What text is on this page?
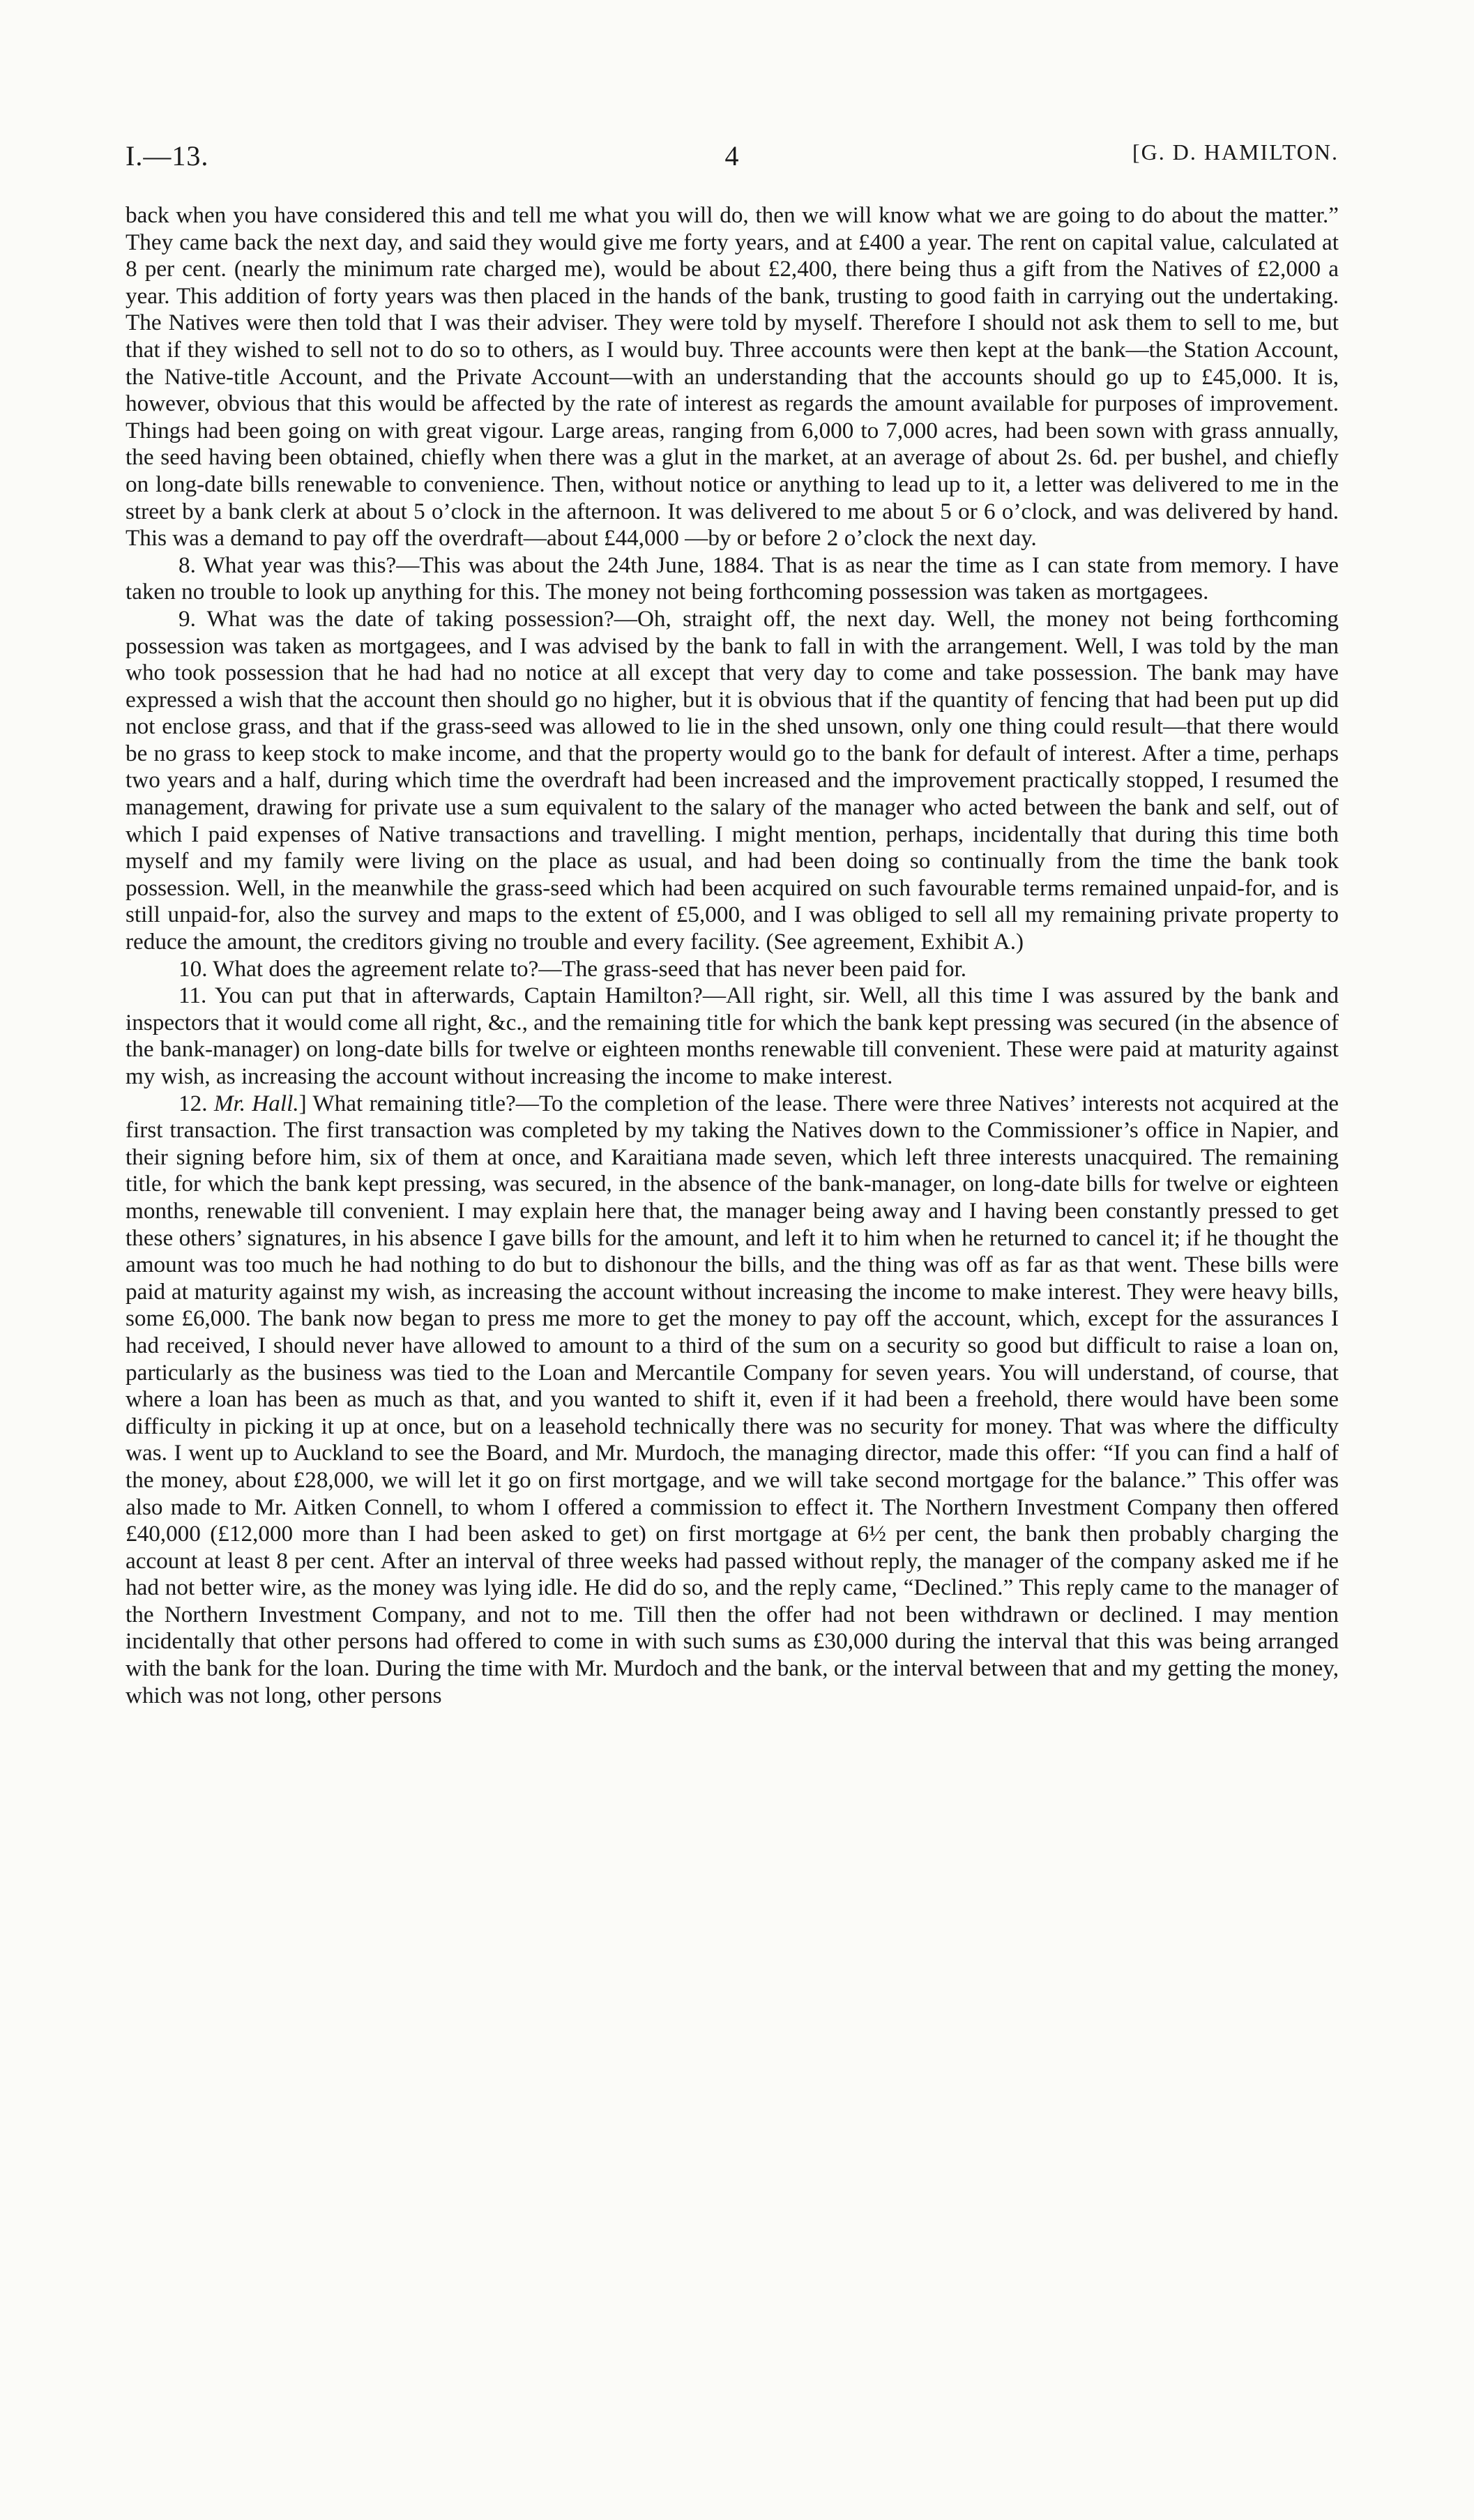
I.—13.	4	[G. D. HAMILTON.

back when you have considered this and tell me what you will do, then we will know what we are going to do about the matter.” They came back the next day, and said they would give me forty years, and at £400 a year. The rent on capital value, calculated at 8 per cent. (nearly the minimum rate charged me), would be about £2,400, there being thus a gift from the Natives of £2,000 a year. This addition of forty years was then placed in the hands of the bank, trusting to good faith in carrying out the undertaking. The Natives were then told that I was their adviser. They were told by myself. Therefore I should not ask them to sell to me, but that if they wished to sell not to do so to others, as I would buy. Three accounts were then kept at the bank—the Station Account, the Native-title Account, and the Private Account—with an understanding that the accounts should go up to £45,000. It is, however, obvious that this would be affected by the rate of interest as regards the amount available for purposes of improvement. Things had been going on with great vigour. Large areas, ranging from 6,000 to 7,000 acres, had been sown with grass annually, the seed having been obtained, chiefly when there was a glut in the market, at an average of about 2s. 6d. per bushel, and chiefly on long-date bills renewable to convenience. Then, without notice or anything to lead up to it, a letter was delivered to me in the street by a bank clerk at about 5 o’clock in the afternoon. It was delivered to me about 5 or 6 o’clock, and was delivered by hand. This was a demand to pay off the overdraft—about £44,000 —by or before 2 o’clock the next day.

8. What year was this?—This was about the 24th June, 1884. That is as near the time as I can state from memory. I have taken no trouble to look up anything for this. The money not being forthcoming possession was taken as mortgagees.

9. What was the date of taking possession?—Oh, straight off, the next day. Well, the money not being forthcoming possession was taken as mortgagees, and I was advised by the bank to fall in with the arrangement. Well, I was told by the man who took possession that he had had no notice at all except that very day to come and take possession. The bank may have expressed a wish that the account then should go no higher, but it is obvious that if the quantity of fencing that had been put up did not enclose grass, and that if the grass-seed was allowed to lie in the shed unsown, only one thing could result—that there would be no grass to keep stock to make income, and that the property would go to the bank for default of interest. After a time, perhaps two years and a half, during which time the overdraft had been increased and the improvement practically stopped, I resumed the management, drawing for private use a sum equivalent to the salary of the manager who acted between the bank and self, out of which I paid expenses of Native transactions and travelling. I might mention, perhaps, incidentally that during this time both myself and my family were living on the place as usual, and had been doing so continually from the time the bank took possession. Well, in the meanwhile the grass-seed which had been acquired on such favourable terms remained unpaid-for, and is still unpaid-for, also the survey and maps to the extent of £5,000, and I was obliged to sell all my remaining private property to reduce the amount, the creditors giving no trouble and every facility. (See agreement, Exhibit A.)

10. What does the agreement relate to?—The grass-seed that has never been paid for.

11. You can put that in afterwards, Captain Hamilton?—All right, sir. Well, all this time I was assured by the bank and inspectors that it would come all right, &c., and the remaining title for which the bank kept pressing was secured (in the absence of the bank-manager) on long-date bills for twelve or eighteen months renewable till convenient. These were paid at maturity against my wish, as increasing the account without increasing the income to make interest.

12. Mr. Hall.] What remaining title?—To the completion of the lease. There were three Natives’ interests not acquired at the first transaction. The first transaction was completed by my taking the Natives down to the Commissioner’s office in Napier, and their signing before him, six of them at once, and Karaitiana made seven, which left three interests unacquired. The remaining title, for which the bank kept pressing, was secured, in the absence of the bank-manager, on long-date bills for twelve or eighteen months, renewable till convenient. I may explain here that, the manager being away and I having been constantly pressed to get these others’ signatures, in his absence I gave bills for the amount, and left it to him when he returned to cancel it; if he thought the amount was too much he had nothing to do but to dishonour the bills, and the thing was off as far as that went. These bills were paid at maturity against my wish, as increasing the account without increasing the income to make interest. They were heavy bills, some £6,000. The bank now began to press me more to get the money to pay off the account, which, except for the assurances I had received, I should never have allowed to amount to a third of the sum on a security so good but difficult to raise a loan on, particularly as the business was tied to the Loan and Mercantile Company for seven years. You will understand, of course, that where a loan has been as much as that, and you wanted to shift it, even if it had been a freehold, there would have been some difficulty in picking it up at once, but on a leasehold technically there was no security for money. That was where the difficulty was. I went up to Auckland to see the Board, and Mr. Murdoch, the managing director, made this offer: “If you can find a half of the money, about £28,000, we will let it go on first mortgage, and we will take second mortgage for the balance.” This offer was also made to Mr. Aitken Connell, to whom I offered a commission to effect it. The Northern Investment Company then offered £40,000 (£12,000 more than I had been asked to get) on first mortgage at 6½ per cent, the bank then probably charging the account at least 8 per cent. After an interval of three weeks had passed without reply, the manager of the company asked me if he had not better wire, as the money was lying idle. He did do so, and the reply came, “Declined.” This reply came to the manager of the Northern Investment Company, and not to me. Till then the offer had not been withdrawn or declined. I may mention incidentally that other persons had offered to come in with such sums as £30,000 during the interval that this was being arranged with the bank for the loan. During the time with Mr. Murdoch and the bank, or the interval between that and my getting the money, which was not long, other persons
